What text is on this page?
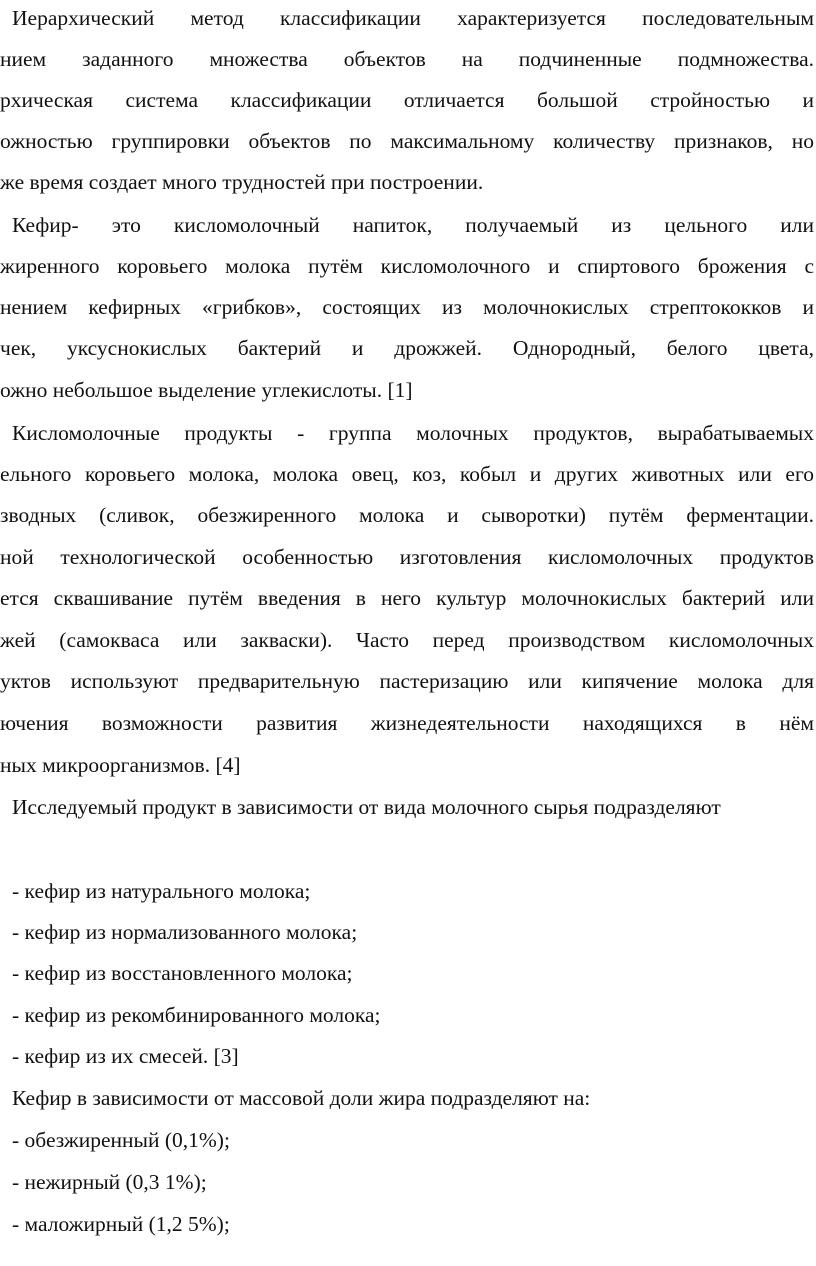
Иерархический метод классификации характеризуется последовательным
нием заданного множества объектов на подчиненные подмножества.
рхическая система классификации отличается большой стройностью и
ожностью группировки объектов по максимальному количеству признаков, но
же время создает много трудностей при построении.
Кефир- это кисломолочный напиток, получаемый из цельного или
жиренного коровьего молока путём кисломолочного и спиртового брожения с
нением кефирных «грибков», состоящих из молочнокислых стрептококков и
чек, уксуснокислых бактерий и дрожжей. Однородный, белого цвета,
ожно небольшое выделение углекислоты. [1]
Кисломолочные продукты - группа молочных продуктов, вырабатываемых
ельного коровьего молока, молока овец, коз, кобыл и других животных или его
зводных (сливок, обезжиренного молока и сыворотки) путём ферментации.
ной технологической особенностью изготовления кисломолочных продуктов
ется сквашивание путём введения в него культур молочнокислых бактерий или
жей (самокваса или закваски). Часто перед производством кисломолочных
уктов используют предварительную пастеризацию или кипячение молока для
ючения возможности развития жизнедеятельности находящихся в нём
ных микроорганизмов. [4]
Исследуемый продукт в зависимости от вида молочного сырья подразделяют
- кефир из натурального молока;
- кефир из нормализованного молока;
- кефир из восстановленного молока;
- кефир из рекомбинированного молока;
- кефир из их смесей. [3]
Кефир в зависимости от массовой доли жира подразделяют на:
- обезжиренный (0,1%);
- нежирный (0,3 1%);
- маложирный (1,2 5%);
